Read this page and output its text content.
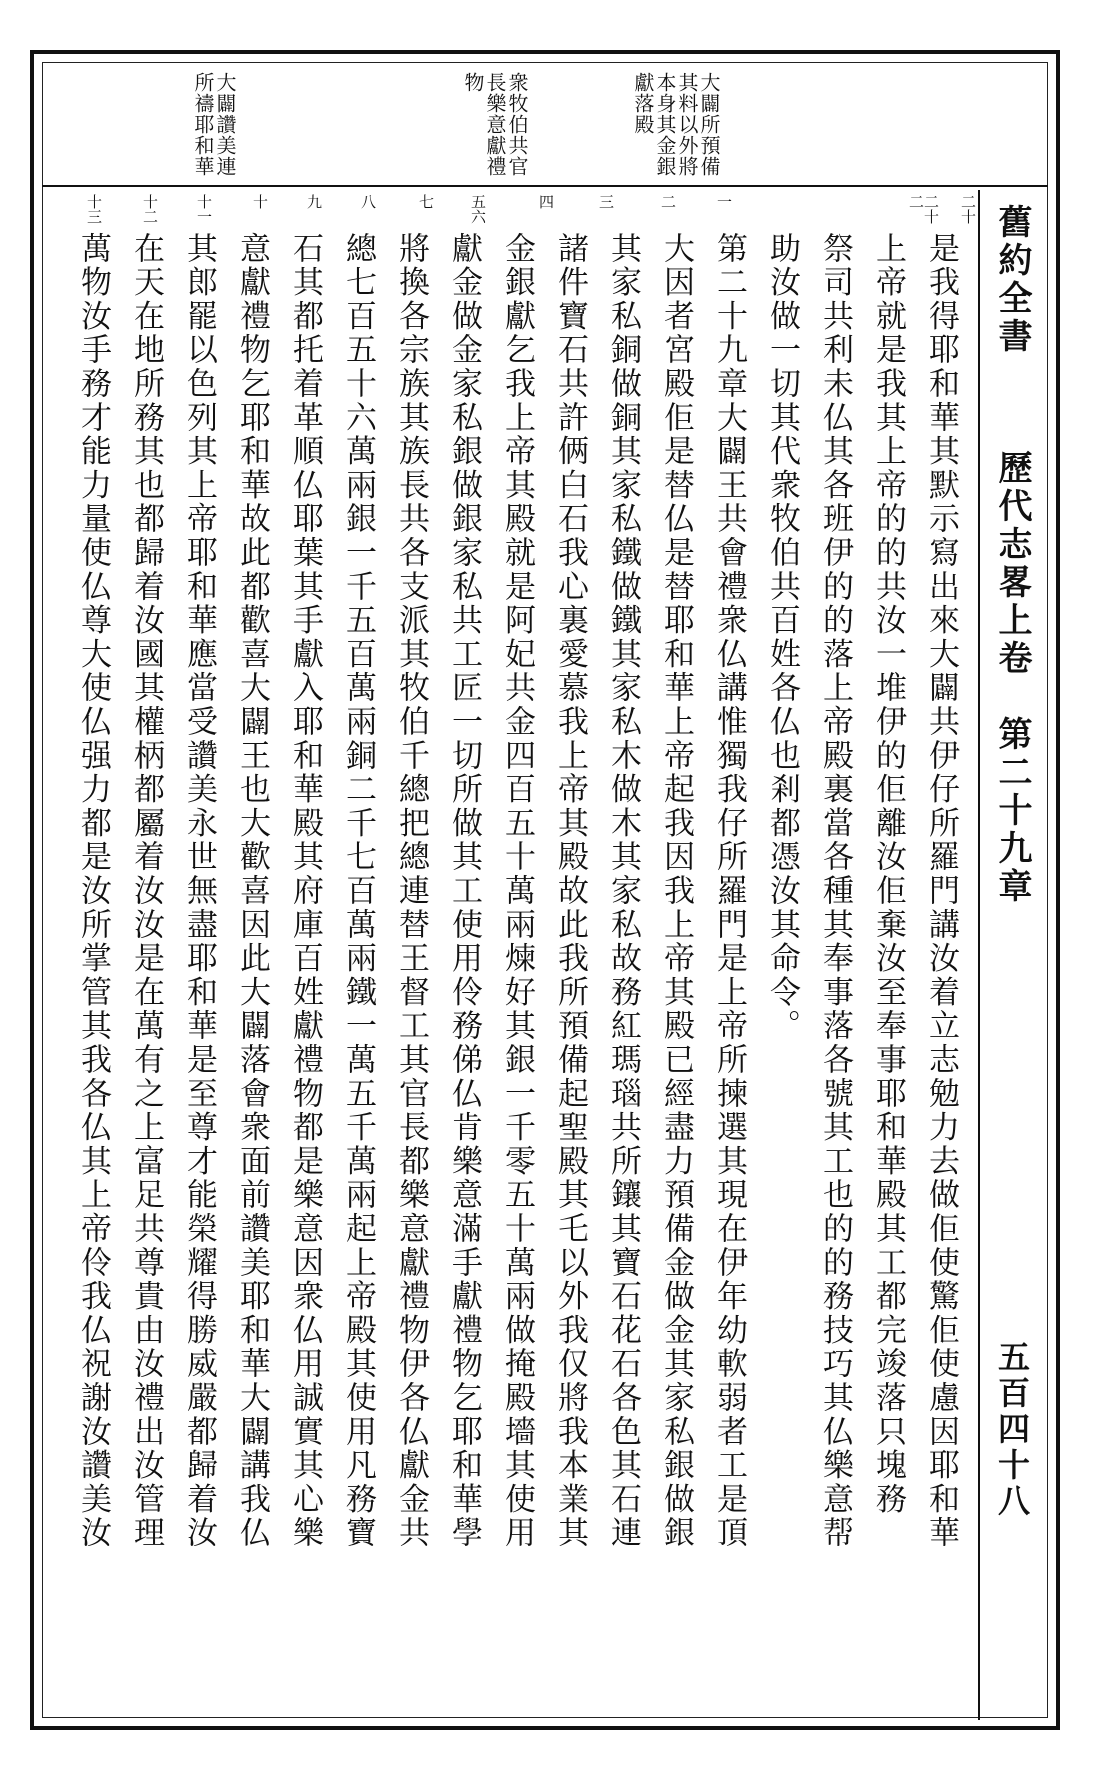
大闢所預備其料以外將本身其金銀獻落殿
衆牧伯共官長樂意獻禮物
大闢讚美連所禱耶和華
二十
二十二
一
二
三
四
五六
七
八
九
十
十一
十二
十三	舊約全書
歷代志畧上卷　第二十九章
五百四十八
是我得耶和華其默示寫出來大闢共伊仔所羅門講汝着立志勉力去做佢使驚佢使慮因耶和華
上帝就是我其上帝的的共汝一堆伊的佢離汝佢棄汝至奉事耶和華殿其工都完竣落只塊務
祭司共利未仏其各班伊的的落上帝殿裏當各種其奉事落各號其工也的的務技巧其仏樂意帮
助汝做一切其代衆牧伯共百姓各仏也剎都憑汝其命令。
第二十九章大闢王共會禮衆仏講惟獨我仔所羅門是上帝所揀選其現在伊年幼軟弱者工是頂
大因者宮殿佢是替仏是替耶和華上帝起我因我上帝其殿已經盡力預備金做金其家私銀做銀
其家私銅做銅其家私鐵做鐵其家私木做木其家私故務紅瑪瑙共所鑲其寶石花石各色其石連
諸件寶石共許俩白石我心裏愛慕我上帝其殿故此我所預備起聖殿其乇以外我仅將我本業其
金銀獻乞我上帝其殿就是阿妃共金四百五十萬兩煉好其銀一千零五十萬兩做掩殿墻其使用
獻金做金家私銀做銀家私共工匠一切所做其工使用伶務俤仏肯樂意滿手獻禮物乞耶和華學
將換各宗族其族長共各支派其牧伯千總把總連替王督工其官長都樂意獻禮物伊各仏獻金共
總七百五十六萬兩銀一千五百萬兩銅二千七百萬兩鐵一萬五千萬兩起上帝殿其使用凡務寶
石其都托着革順仏耶葉其手獻入耶和華殿其府庫百姓獻禮物都是樂意因衆仏用誠實其心樂
意獻禮物乞耶和華故此都歡喜大闢王也大歡喜因此大闢落會衆面前讚美耶和華大闢講我仏
其郎罷以色列其上帝耶和華應當受讚美永世無盡耶和華是至尊才能榮耀得勝威嚴都歸着汝
在天在地所務其也都歸着汝國其權柄都屬着汝汝是在萬有之上富足共尊貴由汝禮出汝管理
萬物汝手務才能力量使仏尊大使仏强力都是汝所掌管其我各仏其上帝伶我仏祝謝汝讚美汝
